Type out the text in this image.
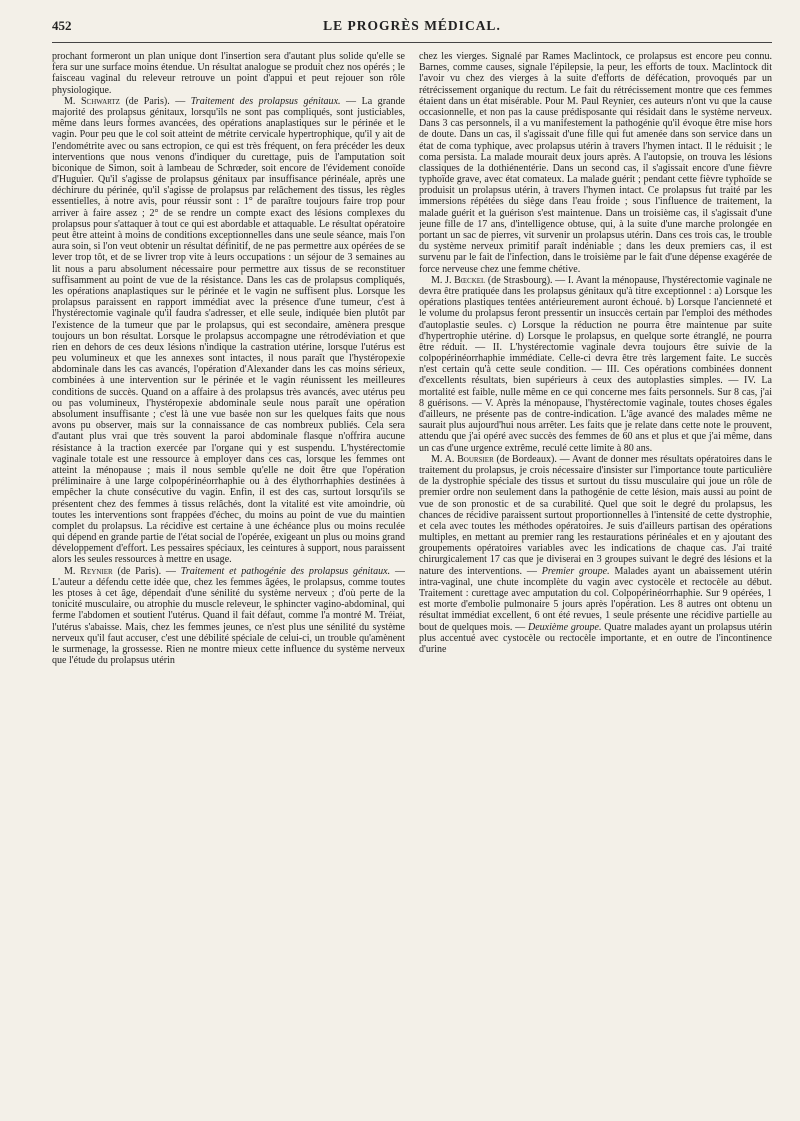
452	LE PROGRÈS MÉDICAL.

prochant formeront un plan unique dont l'insertion sera d'autant plus solide qu'elle se fera sur une surface moins étendue. Un résultat analogue se produit chez nos opérés ; le faisceau vaginal du releveur retrouve un point d'appui et peut rejouer son rôle physiologique.

M. Schwartz (de Paris). — Traitement des prolapsus génitaux. — La grande majorité des prolapsus génitaux, lorsqu'ils ne sont pas compliqués, sont justiciables, même dans leurs formes avancées, des opérations anaplastiques sur le périnée et le vagin. Pour peu que le col soit atteint de métrite cervicale hypertrophique, qu'il y ait de l'endométrite avec ou sans ectropion, ce qui est très fréquent, on fera précéder les deux interventions que nous venons d'indiquer du curettage, puis de l'amputation soit biconique de Simon, soit à lambeau de Schrœder, soit encore de l'évidement conoïde d'Huguier. Qu'il s'agisse de prolapsus génitaux par insuffisance périnéale, après une déchirure du périnée, qu'il s'agisse de prolapsus par relâchement des tissus, les règles essentielles, à notre avis, pour réussir sont : 1° de paraître toujours faire trop pour arriver à faire assez ; 2° de se rendre un compte exact des lésions complexes du prolapsus pour s'attaquer à tout ce qui est abordable et attaquable. Le résultat opératoire peut être atteint à moins de conditions exceptionnelles dans une seule séance, mais l'on aura soin, si l'on veut obtenir un résultat définitif, de ne pas permettre aux opérées de se lever trop tôt, et de se livrer trop vite à leurs occupations : un séjour de 3 semaines au lit nous a paru absolument nécessaire pour permettre aux tissus de se reconstituer suffisamment au point de vue de la résistance. Dans les cas de prolapsus compliqués, les opérations anaplastiques sur le périnée et le vagin ne suffisent plus. Lorsque les prolapsus paraissent en rapport immédiat avec la présence d'une tumeur, c'est à l'hystérectomie vaginale qu'il faudra s'adresser, et elle seule, indiquée bien plutôt par l'existence de la tumeur que par le prolapsus, qui est secondaire, amènera presque toujours un bon résultat. Lorsque le prolapsus accompagne une rétrodéviation et que rien en dehors de ces deux lésions n'indique la castration utérine, lorsque l'utérus est peu volumineux et que les annexes sont intactes, il nous paraît que l'hystéropexie abdominale dans les cas avancés, l'opération d'Alexander dans les cas moins sérieux, combinées à une intervention sur le périnée et le vagin réunissent les meilleures conditions de succès. Quand on a affaire à des prolapsus très avancés, avec utérus peu ou pas volumineux, l'hystéropexie abdominale seule nous paraît une opération absolument insuffisante ; c'est là une vue basée non sur les quelques faits que nous avons pu observer, mais sur la connaissance de cas nombreux publiés. Cela sera d'autant plus vrai que très souvent la paroi abdominale flasque n'offrira aucune résistance à la traction exercée par l'organe qui y est suspendu. L'hystérectomie vaginale totale est une ressource à employer dans ces cas, lorsque les femmes ont atteint la ménopause ; mais il nous semble qu'elle ne doit être que l'opération préliminaire à une large colpopérinéorrhaphie ou à des élythorrhaphies destinées à empêcher la chute consécutive du vagin. Enfin, il est des cas, surtout lorsqu'ils se présentent chez des femmes à tissus relâchés, dont la vitalité est vite amoindrie, où toutes les interventions sont frappées d'échec, du moins au point de vue du maintien complet du prolapsus. La récidive est certaine à une échéance plus ou moins reculée qui dépend en grande partie de l'état social de l'opérée, exigeant un plus ou moins grand développement d'effort. Les pessaires spéciaux, les ceintures à support, nous paraissent alors les seules ressources à mettre en usage.

M. Reynier (de Paris). — Traitement et pathogénie des prolapsus génitaux. — L'auteur a défendu cette idée que, chez les femmes âgées, le prolapsus, comme toutes les ptoses à cet âge, dépendait d'une sénilité du système nerveux ; d'où perte de la tonicité musculaire, ou atrophie du muscle releveur, le sphincter vagino-abdominal, qui ferme l'abdomen et soutient l'utérus. Quand il fait défaut, comme l'a montré M. Tréiat, l'utérus s'abaisse. Mais, chez les femmes jeunes, ce n'est plus une sénilité du système nerveux qu'il faut accuser, c'est une débilité spéciale de celui-ci, un trouble qu'amènent le surmenage, la grossesse. Rien ne montre mieux cette influence du système nerveux que l'étude du prolapsus utérin

chez les vierges. Signalé par Rames Maclintock, ce prolapsus est encore peu connu. Barnes, comme causes, signale l'épilepsie, la peur, les efforts de toux. Maclintock dit l'avoir vu chez des vierges à la suite d'efforts de défécation, provoqués par un rétrécissement organique du rectum. Le fait du rétrécissement montre que ces femmes étaient dans un état misérable. Pour M. Paul Reynier, ces auteurs n'ont vu que la cause occasionnelle, et non pas la cause prédisposante qui résidait dans le système nerveux. Dans 3 cas personnels, il a vu manifestement la pathogénie qu'il évoque être mise hors de doute. Dans un cas, il s'agissait d'une fille qui fut amenée dans son service dans un état de coma typhique, avec prolapsus utérin à travers l'hymen intact. Il le réduisit ; le coma persista. La malade mourait deux jours après. A l'autopsie, on trouva les lésions classiques de la dothiénentérie. Dans un second cas, il s'agissait encore d'une fièvre typhoïde grave, avec état comateux. La malade guérit ; pendant cette fièvre typhoïde se produisit un prolapsus utérin, à travers l'hymen intact. Ce prolapsus fut traité par les immersions répétées du siège dans l'eau froide ; sous l'influence de traitement, la malade guérit et la guérison s'est maintenue. Dans un troisième cas, il s'agissait d'une jeune fille de 17 ans, d'intelligence obtuse, qui, à la suite d'une marche prolongée en portant un sac de pierres, vit survenir un prolapsus utérin. Dans ces trois cas, le trouble du système nerveux primitif paraît indéniable ; dans les deux premiers cas, il est survenu par le fait de l'infection, dans le troisième par le fait d'une dépense exagérée de force nerveuse chez une femme chétive.

M. J. Bœckel (de Strasbourg). — I. Avant la ménopause, l'hystérectomie vaginale ne devra être pratiquée dans les prolapsus génitaux qu'à titre exceptionnel : a) Lorsque les opérations plastiques tentées antérieurement auront échoué. b) Lorsque l'ancienneté et le volume du prolapsus feront pressentir un insuccès certain par l'emploi des méthodes d'autoplastie seules. c) Lorsque la réduction ne pourra être maintenue par suite d'hypertrophie utérine. d) Lorsque le prolapsus, en quelque sorte étranglé, ne pourra être réduit. — II. L'hystérectomie vaginale devra toujours être suivie de la colpopérinéorrhaphie immédiate. Celle-ci devra être très largement faite. Le succès n'est certain qu'à cette seule condition. — III. Ces opérations combinées donnent d'excellents résultats, bien supérieurs à ceux des autoplasties simples. — IV. La mortalité est faible, nulle même en ce qui concerne mes faits personnels. Sur 8 cas, j'ai 8 guérisons. — V. Après la ménopause, l'hystérectomie vaginale, toutes choses égales d'ailleurs, ne présente pas de contre-indication. L'âge avancé des malades même ne saurait plus aujourd'hui nous arrêter. Les faits que je relate dans cette note le prouvent, attendu que j'ai opéré avec succès des femmes de 60 ans et plus et que j'ai même, dans un cas d'une urgence extrême, reculé cette limite à 80 ans.

M. A. Boursier (de Bordeaux). — Avant de donner mes résultats opératoires dans le traitement du prolapsus, je crois nécessaire d'insister sur l'importance toute particulière de la dystrophie spéciale des tissus et surtout du tissu musculaire qui joue un rôle de premier ordre non seulement dans la pathogénie de cette lésion, mais aussi au point de vue de son pronostic et de sa curabilité. Quel que soit le degré du prolapsus, les chances de récidive paraissent surtout proportionnelles à l'intensité de cette dystrophie, et cela avec toutes les méthodes opératoires. Je suis d'ailleurs partisan des opérations multiples, en mettant au premier rang les restaurations périnéales et en y ajoutant des groupements opératoires variables avec les indications de chaque cas. J'ai traité chirurgicalement 17 cas que je diviserai en 3 groupes suivant le degré des lésions et la nature des interventions. — Premier groupe. Malades ayant un abaissement utérin intra-vaginal, une chute incomplète du vagin avec cystocèle et rectocèle au début. Traitement : curettage avec amputation du col. Colpopérinéorrhaphie. Sur 9 opérées, 1 est morte d'embolie pulmonaire 5 jours après l'opération. Les 8 autres ont obtenu un résultat immédiat excellent, 6 ont été revues, 1 seule présente une récidive partielle au bout de quelques mois. — Deuxième groupe. Quatre malades ayant un prolapsus utérin plus accentué avec cystocèle ou rectocèle importante, et en outre de l'incontinence d'urine
